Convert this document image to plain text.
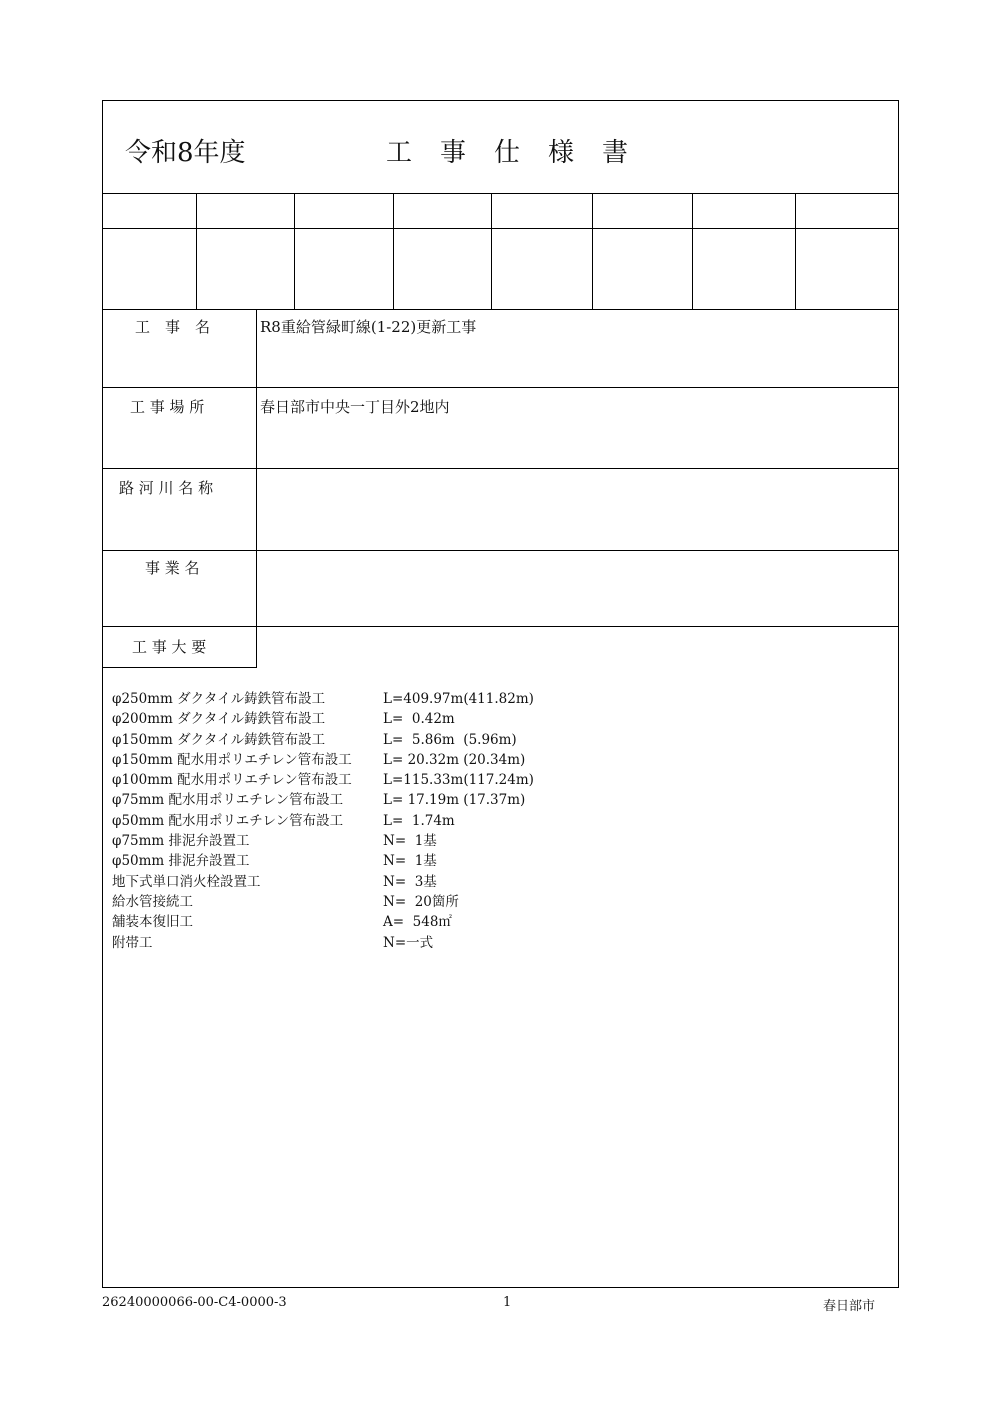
令和8年度	工 事 仕 様 書
工　事　名	R8重給管緑町線(1-22)更新工事
工 事 場 所	春日部市中央一丁目外2地内
路 河 川 名 称
事 業 名
工 事 大 要
φ250mm ダクタイル鋳鉄管布設工	L=409.97m(411.82m)
φ200mm ダクタイル鋳鉄管布設工	L=  0.42m
φ150mm ダクタイル鋳鉄管布設工	L=  5.86m  (5.96m)
φ150mm 配水用ポリエチレン管布設工 L= 20.32m (20.34m)
φ100mm 配水用ポリエチレン管布設工 L=115.33m(117.24m)
φ75mm 配水用ポリエチレン管布設工	L= 17.19m (17.37m)
φ50mm 配水用ポリエチレン管布設工	L=  1.74m
φ75mm 排泥弁設置工	N=  1基
φ50mm 排泥弁設置工	N=  1基
地下式単口消火栓設置工	N=  3基
給水管接続工	N=  20箇所
舗装本復旧工	A=  548㎡
附帯工	N=一式
26240000066-00-C4-0000-3	1	春日部市
